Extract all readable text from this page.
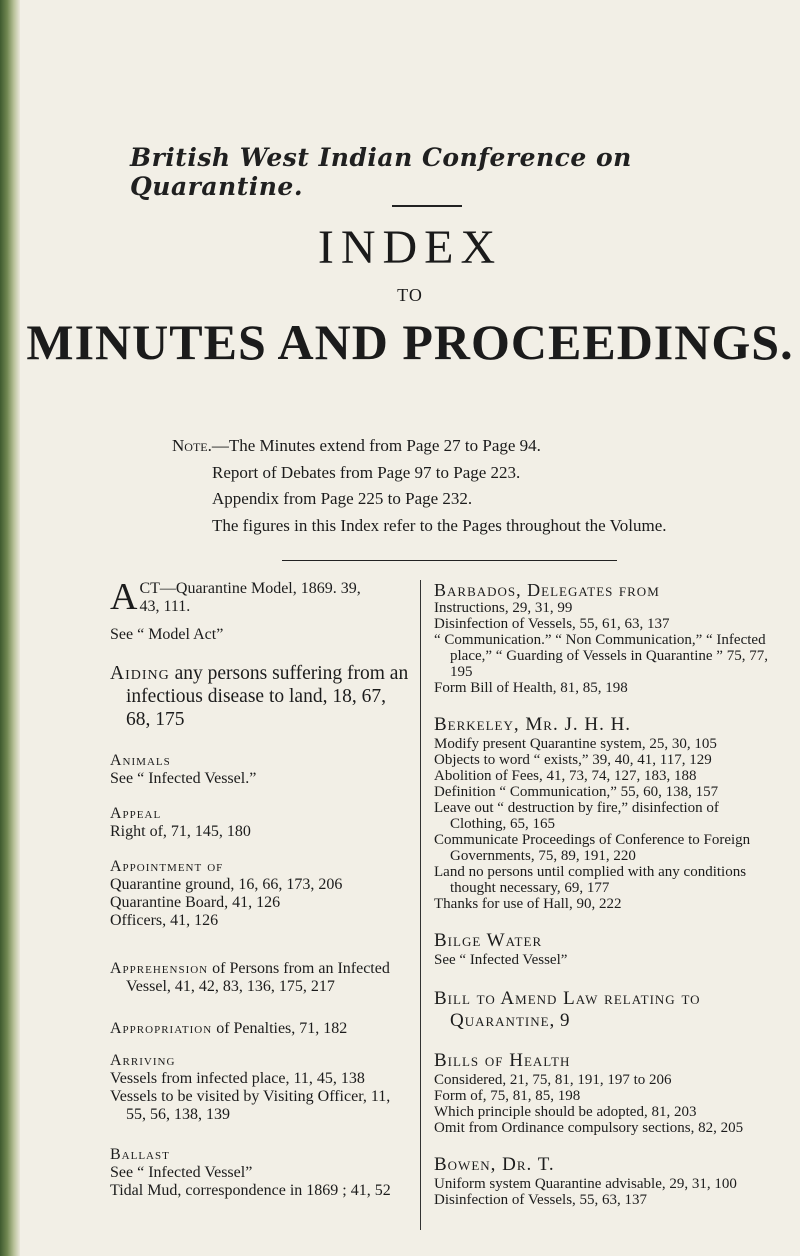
British West Indian Conference on Quarantine.
INDEX
TO
MINUTES AND PROCEEDINGS.
Note.—The Minutes extend from Page 27 to Page 94.
Report of Debates from Page 97 to Page 223.
Appendix from Page 225 to Page 232.
The figures in this Index refer to the Pages throughout the Volume.
A CT—Quarantine Model, 1869. 39,
43, 111.
See “ Model Act”
Aiding any persons suffering from an infectious disease to land, 18, 67, 68, 175
Animals
See “ Infected Vessel.”
Appeal
Right of, 71, 145, 180
Appointment of
Quarantine ground, 16, 66, 173, 206
Quarantine Board, 41, 126
Officers, 41, 126
Apprehension of Persons from an Infected Vessel, 41, 42, 83, 136, 175, 217
Appropriation of Penalties, 71, 182
Arriving
Vessels from infected place, 11, 45, 138
Vessels to be visited by Visiting Officer, 11, 55, 56, 138, 139
Ballast
See “ Infected Vessel”
Tidal Mud, correspondence in 1869 ; 41, 52
Barbados, Delegates from
Instructions, 29, 31, 99
Disinfection of Vessels, 55, 61, 63, 137
“ Communication.” “ Non Communication,” “ Infected place,” “ Guarding of Vessels in Quarantine ” 75, 77, 195
Form Bill of Health, 81, 85, 198
Berkeley, Mr. J. H. H.
Modify present Quarantine system, 25, 30, 105
Objects to word “ exists,” 39, 40, 41, 117, 129
Abolition of Fees, 41, 73, 74, 127, 183, 188
Definition “ Communication,” 55, 60, 138, 157
Leave out “ destruction by fire,” disinfection of Clothing, 65, 165
Communicate Proceedings of Conference to Foreign Governments, 75, 89, 191, 220
Land no persons until complied with any conditions thought necessary, 69, 177
Thanks for use of Hall, 90, 222
Bilge Water
See “ Infected Vessel”
Bill to Amend Law relating to Quarantine, 9
Bills of Health
Considered, 21, 75, 81, 191, 197 to 206
Form of, 75, 81, 85, 198
Which principle should be adopted, 81, 203
Omit from Ordinance compulsory sections, 82, 205
Bowen, Dr. T.
Uniform system Quarantine advisable, 29, 31, 100
Disinfection of Vessels, 55, 63, 137
